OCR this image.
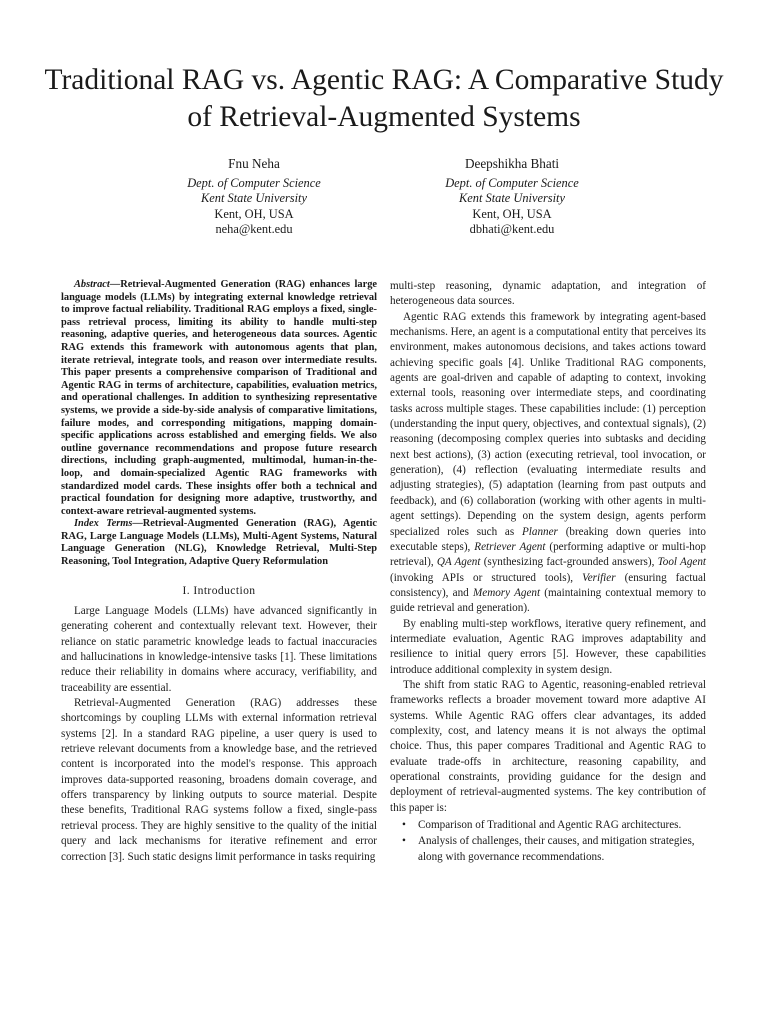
Traditional RAG vs. Agentic RAG: A Comparative Study of Retrieval-Augmented Systems
Fnu Neha
Dept. of Computer Science
Kent State University
Kent, OH, USA
neha@kent.edu
Deepshikha Bhati
Dept. of Computer Science
Kent State University
Kent, OH, USA
dbhati@kent.edu

Abstract—Retrieval-Augmented Generation (RAG) enhances large language models (LLMs) by integrating external knowledge retrieval to improve factual reliability. Traditional RAG employs a fixed, single-pass retrieval process, limiting its ability to handle multi-step reasoning, adaptive queries, and heterogeneous data sources. Agentic RAG extends this framework with autonomous agents that plan, iterate retrieval, integrate tools, and reason over intermediate results. This paper presents a comprehensive comparison of Traditional and Agentic RAG in terms of architecture, capabilities, evaluation metrics, and operational challenges. In addition to synthesizing representative systems, we provide a side-by-side analysis of comparative limitations, failure modes, and corresponding mitigations, mapping domain-specific applications across established and emerging fields. We also outline governance recommendations and propose future research directions, including graph-augmented, multimodal, human-in-the-loop, and domain-specialized Agentic RAG frameworks with standardized model cards. These insights offer both a technical and practical foundation for designing more adaptive, trustworthy, and context-aware retrieval-augmented systems.

Index Terms—Retrieval-Augmented Generation (RAG), Agentic RAG, Large Language Models (LLMs), Multi-Agent Systems, Natural Language Generation (NLG), Knowledge Retrieval, Multi-Step Reasoning, Tool Integration, Adaptive Query Reformulation

I. Introduction

Large Language Models (LLMs) have advanced significantly in generating coherent and contextually relevant text. However, their reliance on static parametric knowledge leads to factual inaccuracies and hallucinations in knowledge-intensive tasks [1]. These limitations reduce their reliability in domains where accuracy, verifiability, and traceability are essential.

Retrieval-Augmented Generation (RAG) addresses these shortcomings by coupling LLMs with external information retrieval systems [2]. In a standard RAG pipeline, a user query is used to retrieve relevant documents from a knowledge base, and the retrieved content is incorporated into the model's response. This approach improves data-supported reasoning, broadens domain coverage, and offers transparency by linking outputs to source material. Despite these benefits, Traditional RAG systems follow a fixed, single-pass retrieval process. They are highly sensitive to the quality of the initial query and lack mechanisms for iterative refinement and error correction [3]. Such static designs limit performance in tasks requiring

multi-step reasoning, dynamic adaptation, and integration of heterogeneous data sources.

Agentic RAG extends this framework by integrating agent-based mechanisms. Here, an agent is a computational entity that perceives its environment, makes autonomous decisions, and takes actions toward achieving specific goals [4]. Unlike Traditional RAG components, agents are goal-driven and capable of adapting to context, invoking external tools, reasoning over intermediate steps, and coordinating tasks across multiple stages. These capabilities include: (1) perception (understanding the input query, objectives, and contextual signals), (2) reasoning (decomposing complex queries into subtasks and deciding next best actions), (3) action (executing retrieval, tool invocation, or generation), (4) reflection (evaluating intermediate results and adjusting strategies), (5) adaptation (learning from past outputs and feedback), and (6) collaboration (working with other agents in multi-agent settings). Depending on the system design, agents perform specialized roles such as Planner (breaking down queries into executable steps), Retriever Agent (performing adaptive or multi-hop retrieval), QA Agent (synthesizing fact-grounded answers), Tool Agent (invoking APIs or structured tools), Verifier (ensuring factual consistency), and Memory Agent (maintaining contextual memory to guide retrieval and generation).

By enabling multi-step workflows, iterative query refinement, and intermediate evaluation, Agentic RAG improves adaptability and resilience to initial query errors [5]. However, these capabilities introduce additional complexity in system design.

The shift from static RAG to Agentic, reasoning-enabled retrieval frameworks reflects a broader movement toward more adaptive AI systems. While Agentic RAG offers clear advantages, its added complexity, cost, and latency means it is not always the optimal choice. Thus, this paper compares Traditional and Agentic RAG to evaluate trade-offs in architecture, reasoning capability, and operational constraints, providing guidance for the design and deployment of retrieval-augmented systems. The key contribution of this paper is:

• Comparison of Traditional and Agentic RAG architectures.
• Analysis of challenges, their causes, and mitigation strategies, along with governance recommendations.
